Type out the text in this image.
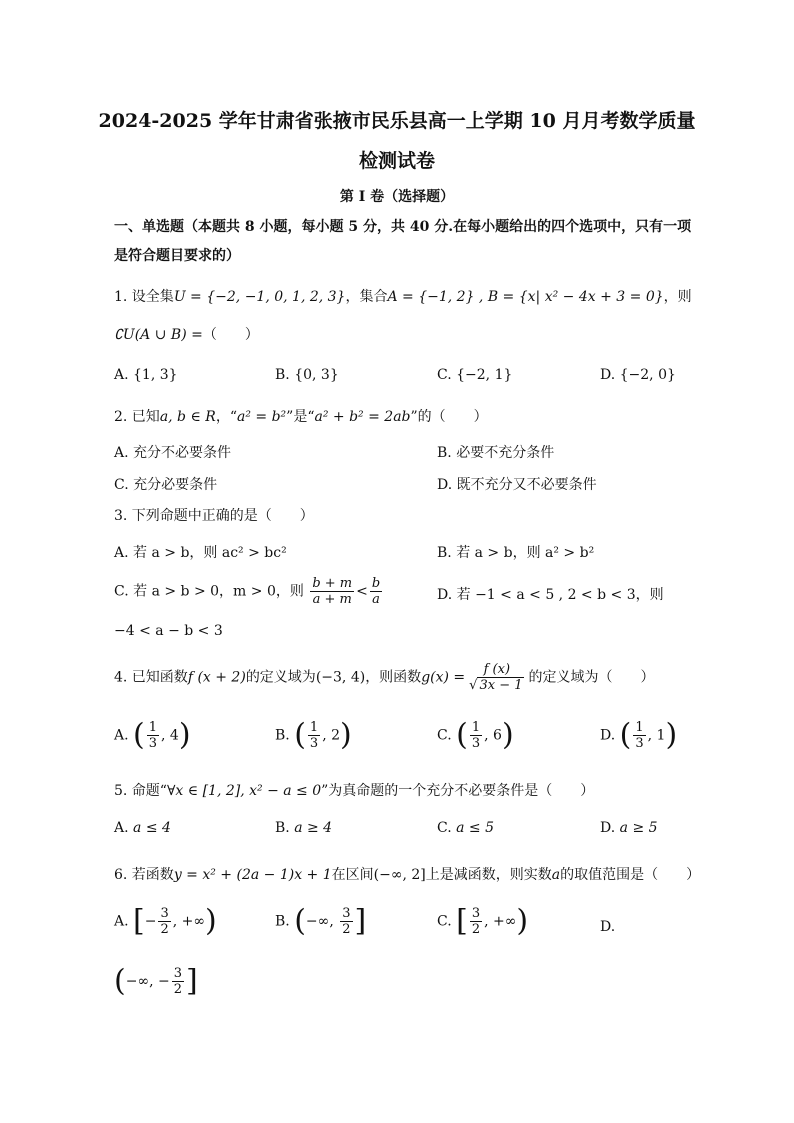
2024-2025 学年甘肃省张掖市民乐县高一上学期 10 月月考数学质量
检测试卷
第 I 卷（选择题）
一、单选题（本题共 8 小题，每小题 5 分，共 40 分.在每小题给出的四个选项中，只有一项
是符合题目要求的）
1. 设全集U = {−2, −1, 0, 1, 2, 3}，集合A = {−1, 2} , B = {x| x² − 4x + 3 = 0}，则
∁U(A ∪ B) =（　　）
A. {1, 3}	B. {0, 3}	C. {−2, 1}	D. {−2, 0}
2. 已知a, b ∈ R，“a² = b²”是“a² + b² = 2ab”的（　　）
A. 充分不必要条件	B. 必要不充分条件
C. 充分必要条件	D. 既不充分又不必要条件
3. 下列命题中正确的是（　　）
A. 若 a > b，则 ac² > bc²	B. 若 a > b，则 a² > b²
C. 若 a > b > 0，m > 0，则 $\frac{b + m}{a + m} < \frac{b}{a}$	D. 若 −1 < a < 5 , 2 < b < 3，则
−4 < a − b < 3
4. 已知函数f (x + 2)的定义域为(−3, 4)，则函数$g(x) = \frac{f (x)}{√ 3x - 1}$ 的定义域为（　　）
A. ( $\frac{1}{3}$ , 4)	B. ( $\frac{1}{3}$ , 2)	C. ( $\frac{1}{3}$ , 6)	D. ( $\frac{1}{3}$ , 1)
5. 命题“∀x ∈ [1, 2], x² − a ≤ 0”为真命题的一个充分不必要条件是（　　）
A. a ≤ 4	B. a ≥ 4	C. a ≤ 5	D. a ≥ 5
6. 若函数y = x² + (2a − 1)x + 1在区间(−∞, 2]上是减函数，则实数a的取值范围是（　　）
A. [− $\frac{3}{2}$ , +∞)	B. (−∞, $\frac{3}{2}$ ]	C. [ $\frac{3}{2}$ , +∞)	D.
(−∞, − $\frac{3}{2}$ ]
